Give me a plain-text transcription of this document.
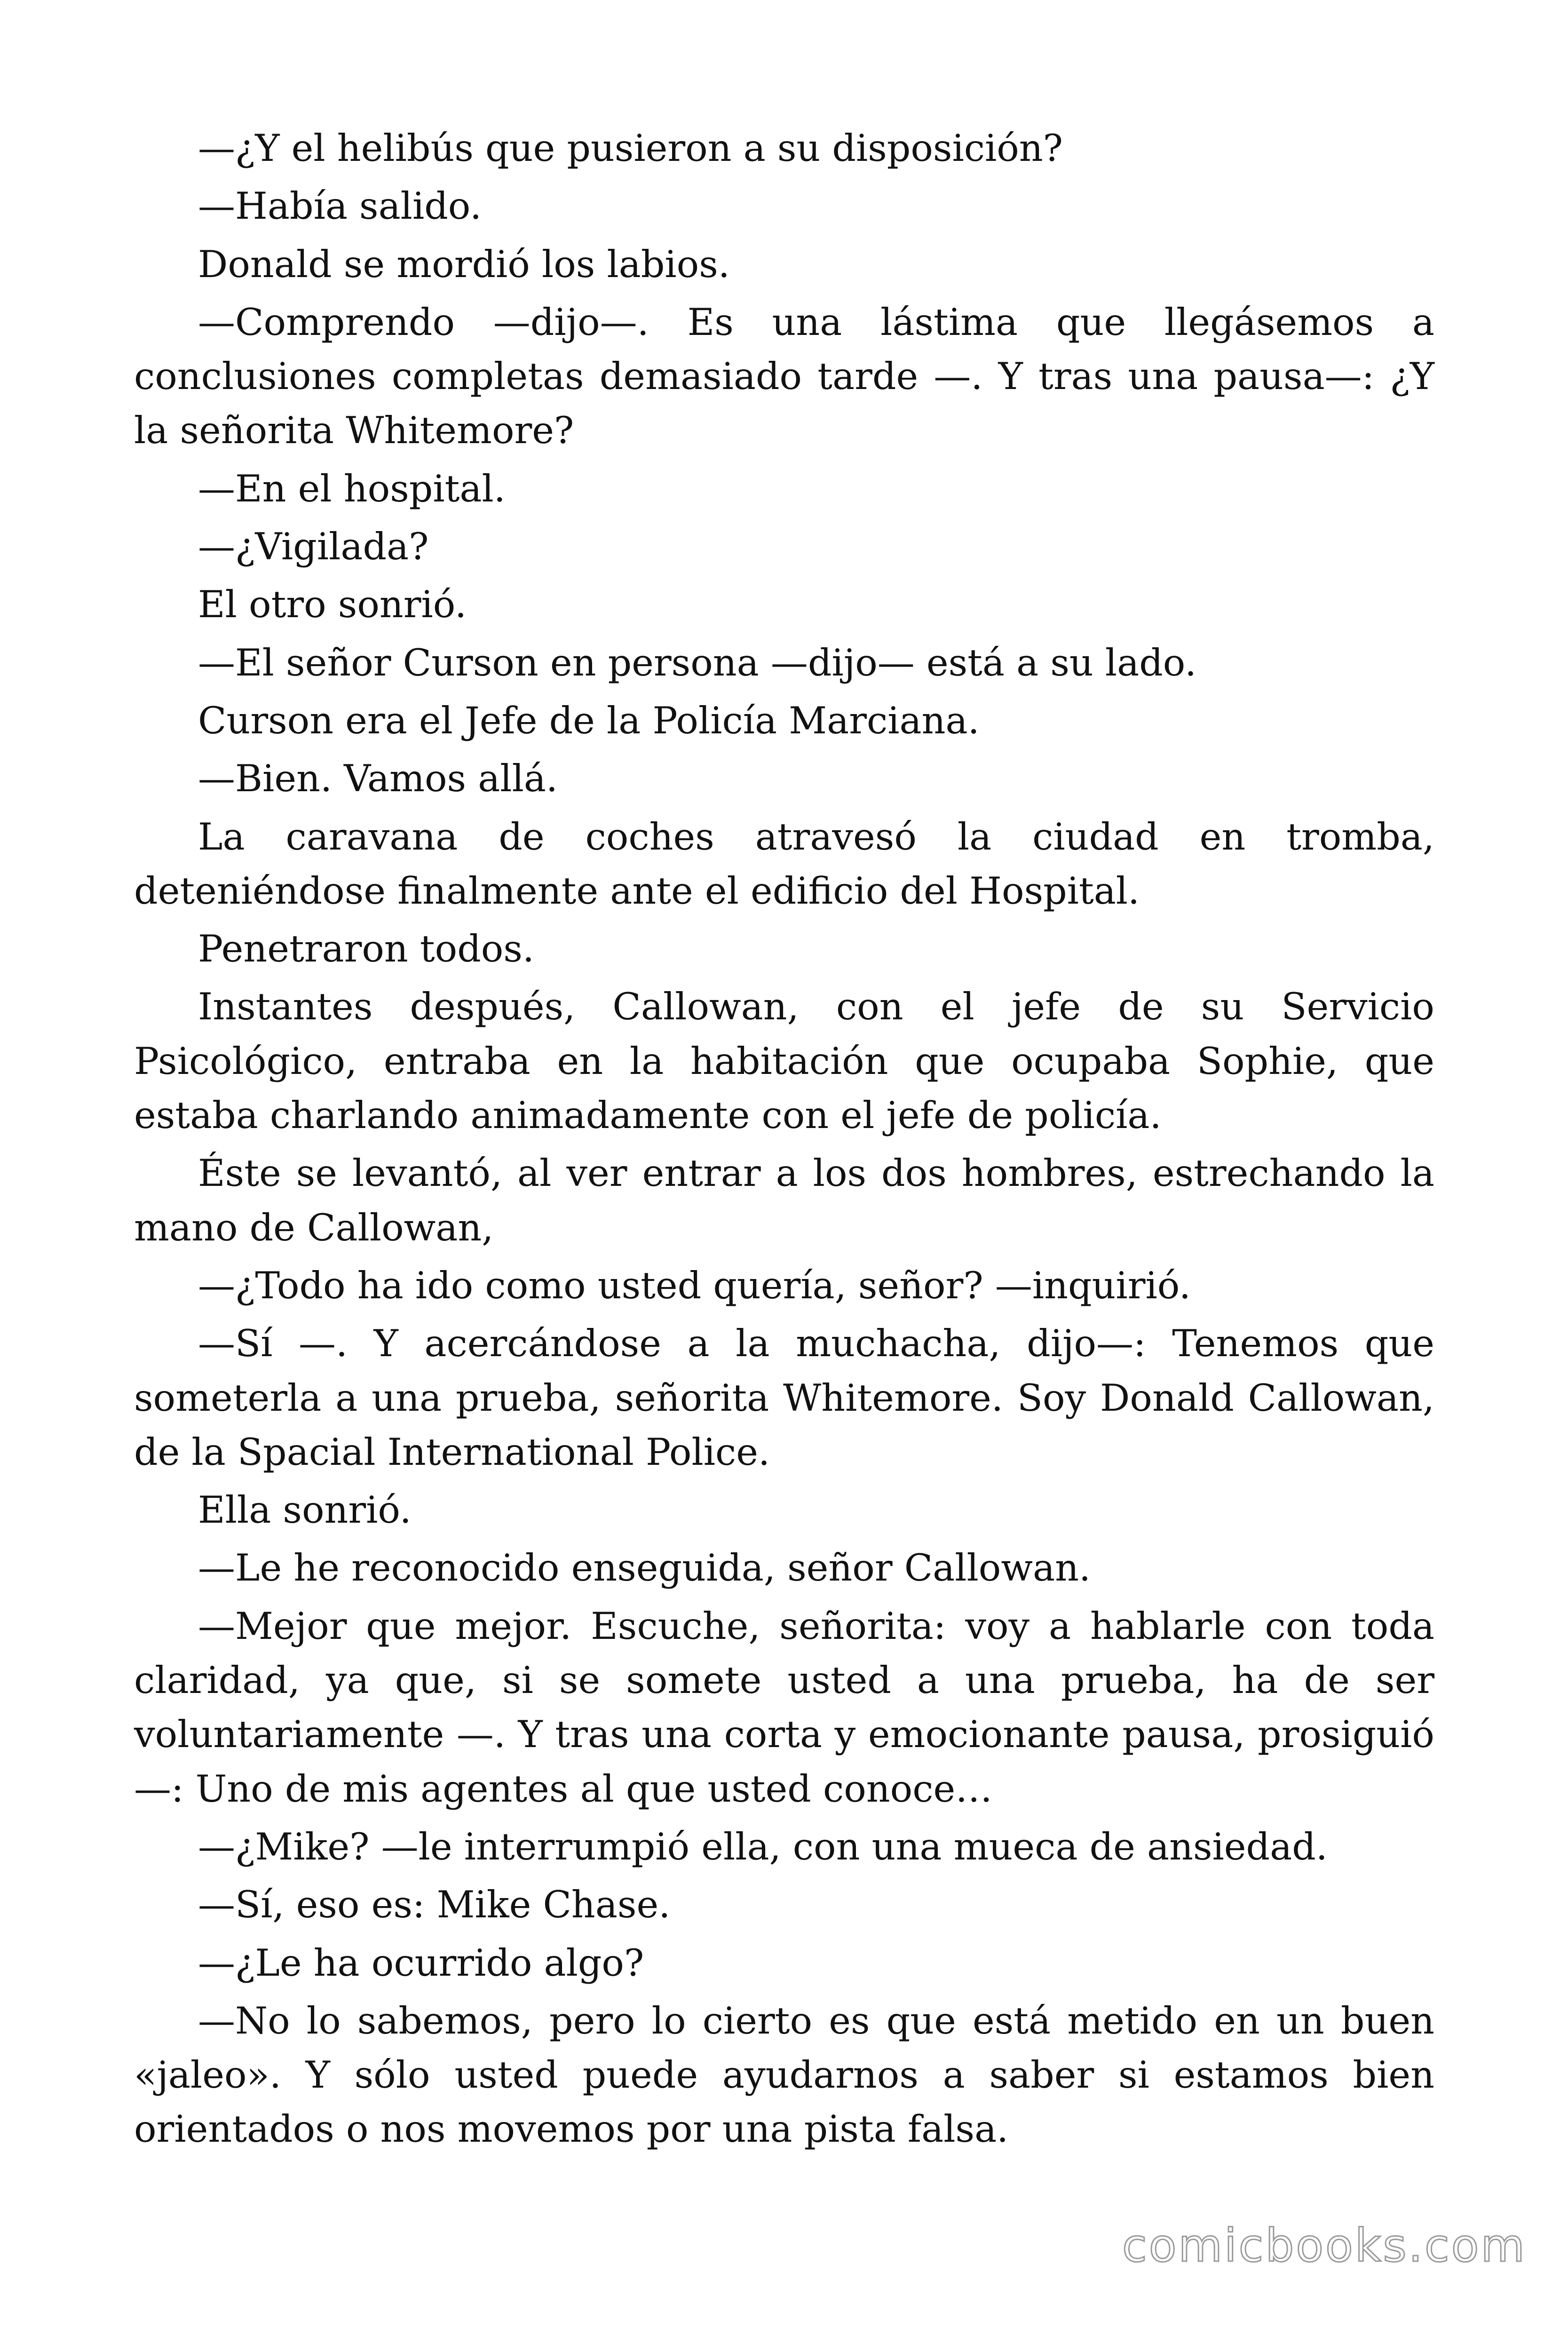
—¿Y el helibús que pusieron a su disposición?

—Había salido.

Donald se mordió los labios.

—Comprendo —dijo—. Es una lástima que llegásemos a conclusiones completas demasiado tarde —. Y tras una pausa—: ¿Y la señorita Whitemore?

—En el hospital.

—¿Vigilada?

El otro sonrió.

—El señor Curson en persona —dijo— está a su lado.

Curson era el Jefe de la Policía Marciana.

—Bien. Vamos allá.

La caravana de coches atravesó la ciudad en tromba, deteniéndose finalmente ante el edificio del Hospital.

Penetraron todos.

Instantes después, Callowan, con el jefe de su Servicio Psicológico, entraba en la habitación que ocupaba Sophie, que estaba charlando animadamente con el jefe de policía.

Éste se levantó, al ver entrar a los dos hombres, estrechando la mano de Callowan,

—¿Todo ha ido como usted quería, señor? —inquirió.

—Sí —. Y acercándose a la muchacha, dijo—: Tenemos que someterla a una prueba, señorita Whitemore. Soy Donald Callowan, de la Spacial International Police.

Ella sonrió.

—Le he reconocido enseguida, señor Callowan.

—Mejor que mejor. Escuche, señorita: voy a hablarle con toda claridad, ya que, si se somete usted a una prueba, ha de ser voluntariamente —. Y tras una corta y emocionante pausa, prosiguió—: Uno de mis agentes al que usted conoce…

—¿Mike? —le interrumpió ella, con una mueca de ansiedad.

—Sí, eso es: Mike Chase.

—¿Le ha ocurrido algo?

—No lo sabemos, pero lo cierto es que está metido en un buen «jaleo». Y sólo usted puede ayudarnos a saber si estamos bien orientados o nos movemos por una pista falsa.

comicbooks.com
